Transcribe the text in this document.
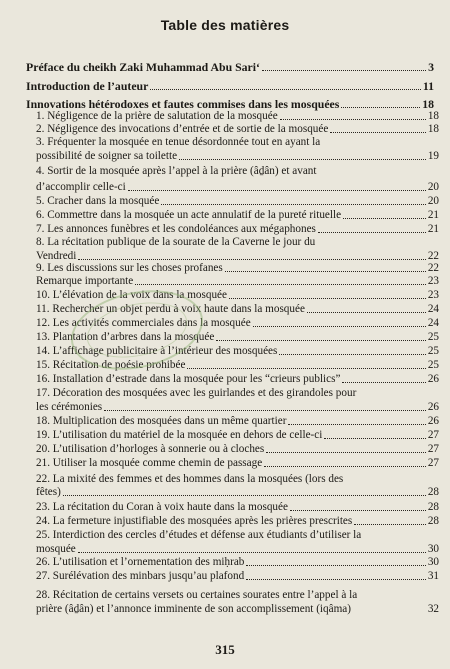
Table des matières
Préface du cheikh Zaki Muhammad Abu Sari‘	3
Introduction de l’auteur	11
Innovations hétérodoxes et fautes commises dans les mosquées	18
1. Négligence de la prière de salutation de la mosquée	18
2. Négligence des invocations d’entrée et de sortie de la mosquée	18
3. Fréquenter la mosquée en tenue désordonnée tout en ayant la
possibilité de soigner sa toilette	19
4. Sortir de la mosquée après l’appel à la prière (âḏân) et avant
d’accomplir celle-ci	20
5. Cracher dans la mosquée	20
6. Commettre dans la mosquée un acte annulatif de la pureté rituelle	21
7. Les annonces funèbres et les condoléances aux mégaphones	21
8. La récitation publique de la sourate de la Caverne le jour du
Vendredi	22
9. Les discussions sur les choses profanes	22
Remarque importante	23
10. L’élévation de la voix dans la mosquée	23
11. Rechercher un objet perdu à voix haute dans la mosquée	24
12. Les activités commerciales dans la mosquée	24
13. Plantation d’arbres dans la mosquée	25
14. L’affichage publicitaire à l’intérieur des mosquées	25
15. Récitation de poésie prohibée	25
16. Installation d’estrade dans la mosquée pour les “crieurs publics”	26
17. Décoration des mosquées avec les guirlandes et des girandoles pour
les cérémonies	26
18. Multiplication des mosquées dans un même quartier	26
19. L’utilisation du matériel de la mosquée en dehors de celle-ci	27
20. L’utilisation d’horloges à sonnerie ou à cloches	27
21. Utiliser la mosquée comme chemin de passage	27
22. La mixité des femmes et des hommes dans la mosquées (lors des
fêtes)	28
23. La récitation du Coran à voix haute dans la mosquée	28
24. La fermeture injustifiable des mosquées après les prières prescrites	28
25. Interdiction des cercles d’études et défense aux étudiants d’utiliser la
mosquée	30
26. L’utilisation et l’ornementation des miḥrab	30
27. Surélévation des minbars jusqu’au plafond	31
28. Récitation de certains versets ou certaines sourates entre l’appel à la
prière (âḏân) et l’annonce imminente de son accomplissement (iqâma)	32
315
